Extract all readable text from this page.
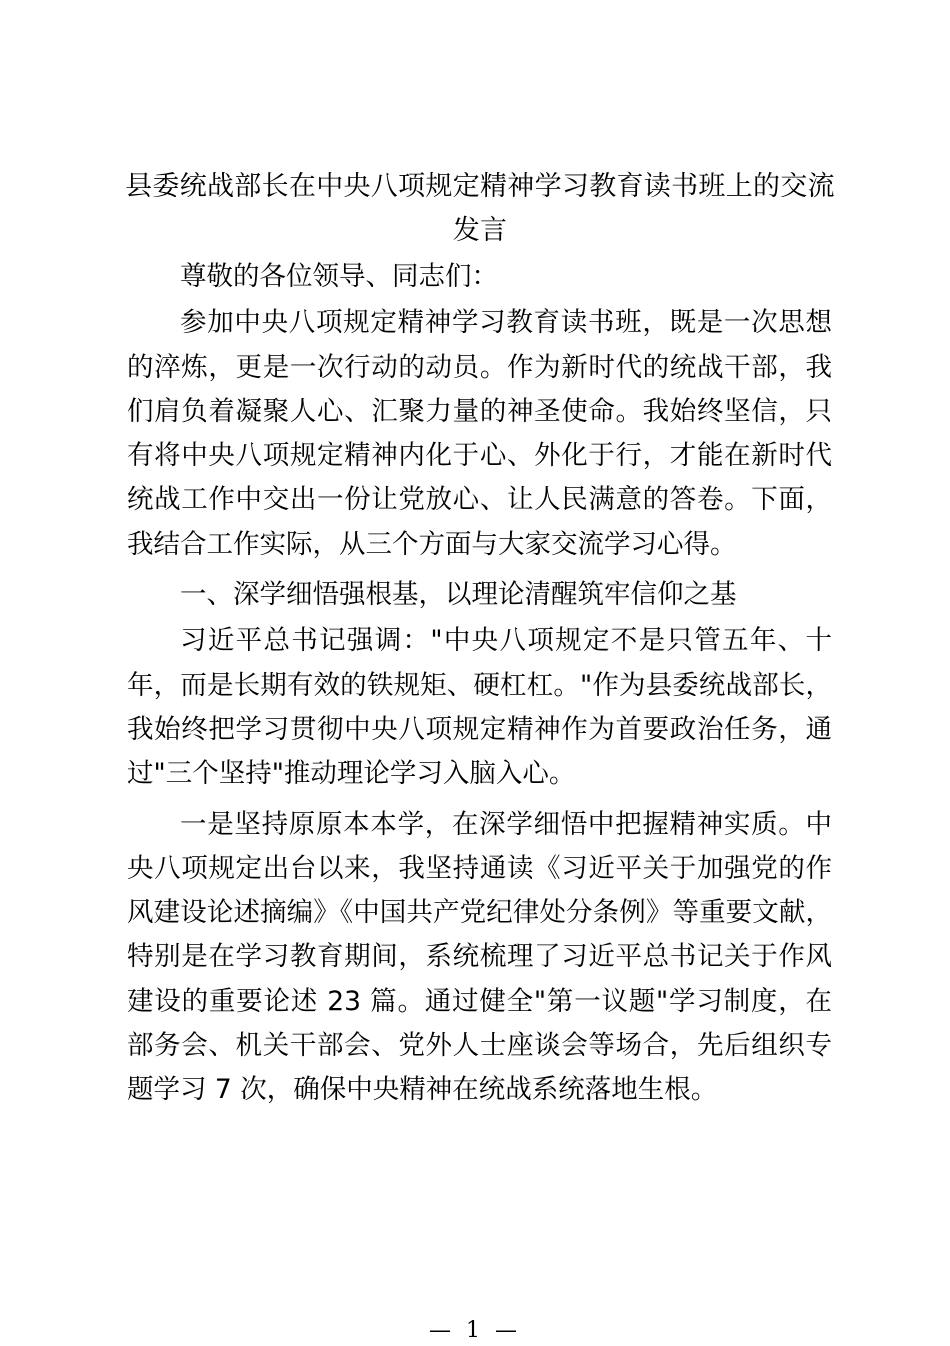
县委统战部长在中央八项规定精神学习教育读书班上的交流发言

尊敬的各位领导、同志们：

参加中央八项规定精神学习教育读书班，既是一次思想的淬炼，更是一次行动的动员。作为新时代的统战干部，我们肩负着凝聚人心、汇聚力量的神圣使命。我始终坚信，只有将中央八项规定精神内化于心、外化于行，才能在新时代统战工作中交出一份让党放心、让人民满意的答卷。下面，我结合工作实际，从三个方面与大家交流学习心得。

一、深学细悟强根基，以理论清醒筑牢信仰之基

习近平总书记强调："中央八项规定不是只管五年、十年，而是长期有效的铁规矩、硬杠杠。"作为县委统战部长，我始终把学习贯彻中央八项规定精神作为首要政治任务，通过"三个坚持"推动理论学习入脑入心。

一是坚持原原本本学，在深学细悟中把握精神实质。中央八项规定出台以来，我坚持通读《习近平关于加强党的作风建设论述摘编》《中国共产党纪律处分条例》等重要文献，特别是在学习教育期间，系统梳理了习近平总书记关于作风建设的重要论述 23 篇。通过健全"第一议题"学习制度，在部务会、机关干部会、党外人士座谈会等场合，先后组织专题学习 7 次，确保中央精神在统战系统落地生根。

— 1 —
